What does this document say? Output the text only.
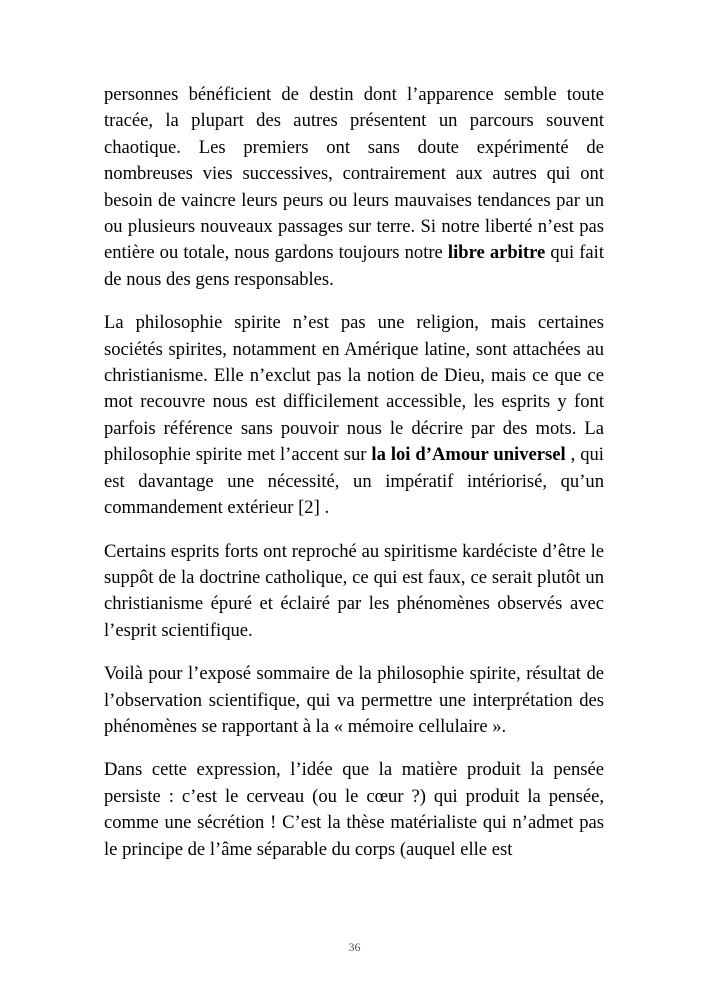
personnes bénéficient de destin dont l’apparence semble toute tracée, la plupart des autres présentent un parcours souvent chaotique. Les premiers ont sans doute expérimenté de nombreuses vies successives, contrairement aux autres qui ont besoin de vaincre leurs peurs ou leurs mauvaises tendances par un ou plusieurs nouveaux passages sur terre. Si notre liberté n’est pas entière ou totale, nous gardons toujours notre libre arbitre qui fait de nous des gens responsables.

La philosophie spirite n’est pas une religion, mais certaines sociétés spirites, notamment en Amérique latine, sont attachées au christianisme. Elle n’exclut pas la notion de Dieu, mais ce que ce mot recouvre nous est difficilement accessible, les esprits y font parfois référence sans pouvoir nous le décrire par des mots. La philosophie spirite met l’accent sur la loi d’Amour universel , qui est davantage une nécessité, un impératif intériorisé, qu’un commandement extérieur [2] .

Certains esprits forts ont reproché au spiritisme kardéciste d’être le suppôt de la doctrine catholique, ce qui est faux, ce serait plutôt un christianisme épuré et éclairé par les phénomènes observés avec l’esprit scientifique.

Voilà pour l’exposé sommaire de la philosophie spirite, résultat de l’observation scientifique, qui va permettre une interprétation des phénomènes se rapportant à la « mémoire cellulaire ».

Dans cette expression, l’idée que la matière produit la pensée persiste : c’est le cerveau (ou le cœur ?) qui produit la pensée, comme une sécrétion ! C’est la thèse matérialiste qui n’admet pas le principe de l’âme séparable du corps (auquel elle est

36
